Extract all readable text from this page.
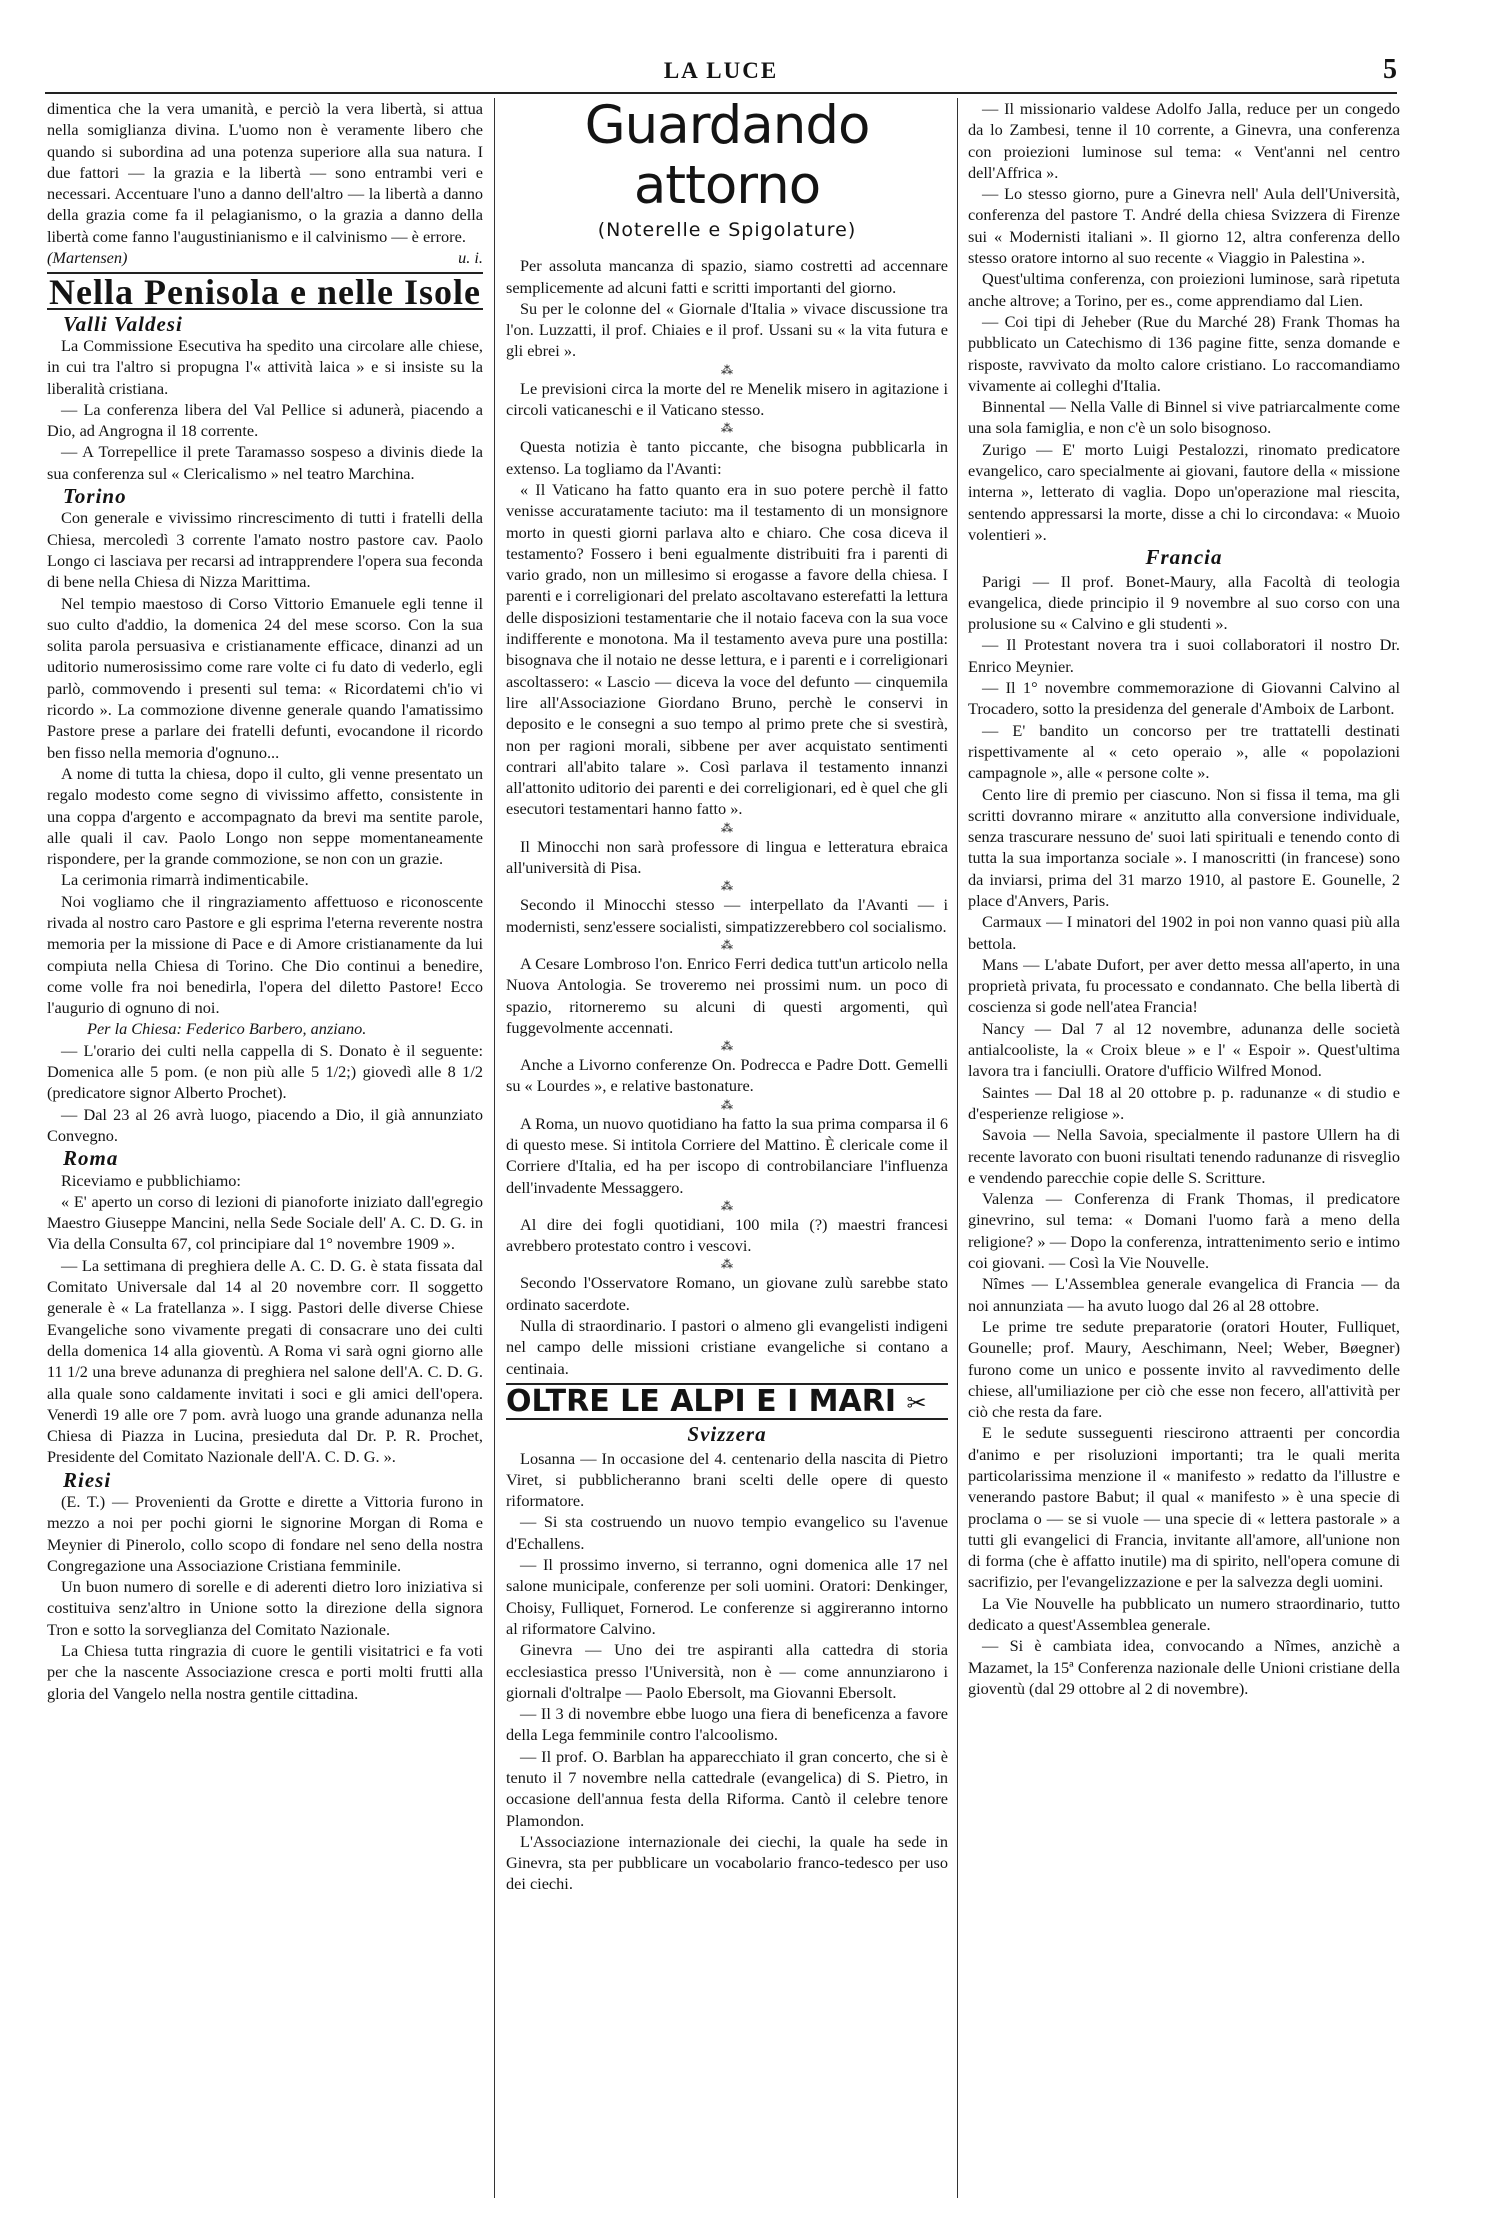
LA LUCE	5

dimentica che la vera umanità, e perciò la vera libertà, si attua nella somiglianza divina. L'uomo non è veramente libero che quando si subordina ad una potenza superiore alla sua natura. I due fattori — la grazia e la libertà — sono entrambi veri e necessari. Accentuare l'uno a danno dell'altro — la libertà a danno della grazia come fa il pelagianismo, o la grazia a danno della libertà come fanno l'augustinianismo e il calvinismo — è errore.

(Martensen)	u. i.
Nella Penisola e nelle Isole
Valli Valdesi

La Commissione Esecutiva ha spedito una circolare alle chiese, in cui tra l'altro si propugna l'« attività laica » e si insiste su la liberalità cristiana.

— La conferenza libera del Val Pellice si adunerà, piacendo a Dio, ad Angrogna il 18 corrente.

— A Torrepellice il prete Taramasso sospeso a divinis diede la sua conferenza sul « Clericalismo » nel teatro Marchina.

Torino

Con generale e vivissimo rincrescimento di tutti i fratelli della Chiesa, mercoledì 3 corrente l'amato nostro pastore cav. Paolo Longo ci lasciava per recarsi ad intrapprendere l'opera sua feconda di bene nella Chiesa di Nizza Marittima.

Nel tempio maestoso di Corso Vittorio Emanuele egli tenne il suo culto d'addio, la domenica 24 del mese scorso. Con la sua solita parola persuasiva e cristianamente efficace, dinanzi ad un uditorio numerosissimo come rare volte ci fu dato di vederlo, egli parlò, commovendo i presenti sul tema: « Ricordatemi ch'io vi ricordo ». La commozione divenne generale quando l'amatissimo Pastore prese a parlare dei fratelli defunti, evocandone il ricordo ben fisso nella memoria d'ognuno...

A nome di tutta la chiesa, dopo il culto, gli venne presentato un regalo modesto come segno di vivissimo affetto, consistente in una coppa d'argento e accompagnato da brevi ma sentite parole, alle quali il cav. Paolo Longo non seppe momentaneamente rispondere, per la grande commozione, se non con un grazie.

La cerimonia rimarrà indimenticabile.

Noi vogliamo che il ringraziamento affettuoso e riconoscente rivada al nostro caro Pastore e gli esprima l'eterna reverente nostra memoria per la missione di Pace e di Amore cristianamente da lui compiuta nella Chiesa di Torino. Che Dio continui a benedire, come volle fra noi benedirla, l'opera del diletto Pastore! Ecco l'augurio di ognuno di noi.

Per la Chiesa: Federico Barbero, anziano.

— L'orario dei culti nella cappella di S. Donato è il seguente: Domenica alle 5 pom. (e non più alle 5 1/2;) giovedì alle 8 1/2 (predicatore signor Alberto Prochet).

— Dal 23 al 26 avrà luogo, piacendo a Dio, il già annunziato Convegno.

Roma

Riceviamo e pubblichiamo:

« E' aperto un corso di lezioni di pianoforte iniziato dall'egregio Maestro Giuseppe Mancini, nella Sede Sociale dell' A. C. D. G. in Via della Consulta 67, col principiare dal 1° novembre 1909 ».

— La settimana di preghiera delle A. C. D. G. è stata fissata dal Comitato Universale dal 14 al 20 novembre corr. Il soggetto generale è « La fratellanza ». I sigg. Pastori delle diverse Chiese Evangeliche sono vivamente pregati di consacrare uno dei culti della domenica 14 alla gioventù. A Roma vi sarà ogni giorno alle 11 1/2 una breve adunanza di preghiera nel salone dell'A. C. D. G. alla quale sono caldamente invitati i soci e gli amici dell'opera. Venerdì 19 alle ore 7 pom. avrà luogo una grande adunanza nella Chiesa di Piazza in Lucina, presieduta dal Dr. P. R. Prochet, Presidente del Comitato Nazionale dell'A. C. D. G. ».

Riesi

(E. T.) — Provenienti da Grotte e dirette a Vittoria furono in mezzo a noi per pochi giorni le signorine Morgan di Roma e Meynier di Pinerolo, collo scopo di fondare nel seno della nostra Congregazione una Associazione Cristiana femminile.

Un buon numero di sorelle e di aderenti dietro loro iniziativa si costituiva senz'altro in Unione sotto la direzione della signora Tron e sotto la sorveglianza del Comitato Nazionale.

La Chiesa tutta ringrazia di cuore le gentili visitatrici e fa voti per che la nascente Associazione cresca e porti molti frutti alla gloria del Vangelo nella nostra gentile cittadina.

Guardando attorno
(Noterelle e Spigolature)

Per assoluta mancanza di spazio, siamo costretti ad accennare semplicemente ad alcuni fatti e scritti importanti del giorno.

Su per le colonne del « Giornale d'Italia » vivace discussione tra l'on. Luzzatti, il prof. Chiaies e il prof. Ussani su « la vita futura e gli ebrei ».

⁂

Le previsioni circa la morte del re Menelik misero in agitazione i circoli vaticaneschi e il Vaticano stesso.

⁂

Questa notizia è tanto piccante, che bisogna pubblicarla in extenso. La togliamo da l'Avanti:

« Il Vaticano ha fatto quanto era in suo potere perchè il fatto venisse accuratamente taciuto: ma il testamento di un monsignore morto in questi giorni parlava alto e chiaro. Che cosa diceva il testamento? Fossero i beni egualmente distribuiti fra i parenti di vario grado, non un millesimo si erogasse a favore della chiesa. I parenti e i correligionari del prelato ascoltavano esterefatti la lettura delle disposizioni testamentarie che il notaio faceva con la sua voce indifferente e monotona. Ma il testamento aveva pure una postilla: bisognava che il notaio ne desse lettura, e i parenti e i correligionari ascoltassero: « Lascio — diceva la voce del defunto — cinquemila lire all'Associazione Giordano Bruno, perchè le conservi in deposito e le consegni a suo tempo al primo prete che si svestirà, non per ragioni morali, sibbene per aver acquistato sentimenti contrari all'abito talare ». Così parlava il testamento innanzi all'attonito uditorio dei parenti e dei correligionari, ed è quel che gli esecutori testamentari hanno fatto ».

⁂

Il Minocchi non sarà professore di lingua e letteratura ebraica all'università di Pisa.

⁂

Secondo il Minocchi stesso — interpellato da l'Avanti — i modernisti, senz'essere socialisti, simpatizzerebbero col socialismo.

⁂

A Cesare Lombroso l'on. Enrico Ferri dedica tutt'un articolo nella Nuova Antologia. Se troveremo nei prossimi num. un poco di spazio, ritorneremo su alcuni di questi argomenti, quì fuggevolmente accennati.

⁂

Anche a Livorno conferenze On. Podrecca e Padre Dott. Gemelli su « Lourdes », e relative bastonature.

⁂

A Roma, un nuovo quotidiano ha fatto la sua prima comparsa il 6 di questo mese. Si intitola Corriere del Mattino. È clericale come il Corriere d'Italia, ed ha per iscopo di controbilanciare l'influenza dell'invadente Messaggero.

⁂

Al dire dei fogli quotidiani, 100 mila (?) maestri francesi avrebbero protestato contro i vescovi.

⁂

Secondo l'Osservatore Romano, un giovane zulù sarebbe stato ordinato sacerdote.

Nulla di straordinario. I pastori o almeno gli evangelisti indigeni nel campo delle missioni cristiane evangeliche si contano a centinaia.

OLTRE LE ALPI E I MARI ✂
Svizzera

Losanna — In occasione del 4. centenario della nascita di Pietro Viret, si pubblicheranno brani scelti delle opere di questo riformatore.

— Si sta costruendo un nuovo tempio evangelico su l'avenue d'Echallens.

— Il prossimo inverno, si terranno, ogni domenica alle 17 nel salone municipale, conferenze per soli uomini. Oratori: Denkinger, Choisy, Fulliquet, Fornerod. Le conferenze si aggireranno intorno al riformatore Calvino.

Ginevra — Uno dei tre aspiranti alla cattedra di storia ecclesiastica presso l'Università, non è — come annunziarono i giornali d'oltralpe — Paolo Ebersolt, ma Giovanni Ebersolt.

— Il 3 di novembre ebbe luogo una fiera di beneficenza a favore della Lega femminile contro l'alcoolismo.

— Il prof. O. Barblan ha apparecchiato il gran concerto, che si è tenuto il 7 novembre nella cattedrale (evangelica) di S. Pietro, in occasione dell'annua festa della Riforma. Cantò il celebre tenore Plamondon.

L'Associazione internazionale dei ciechi, la quale ha sede in Ginevra, sta per pubblicare un vocabolario franco-tedesco per uso dei ciechi.

— Il missionario valdese Adolfo Jalla, reduce per un congedo da lo Zambesi, tenne il 10 corrente, a Ginevra, una conferenza con proiezioni luminose sul tema: « Vent'anni nel centro dell'Affrica ».

— Lo stesso giorno, pure a Ginevra nell' Aula dell'Università, conferenza del pastore T. André della chiesa Svizzera di Firenze sui « Modernisti italiani ». Il giorno 12, altra conferenza dello stesso oratore intorno al suo recente « Viaggio in Palestina ».

Quest'ultima conferenza, con proiezioni luminose, sarà ripetuta anche altrove; a Torino, per es., come apprendiamo dal Lien.

— Coi tipi di Jeheber (Rue du Marché 28) Frank Thomas ha pubblicato un Catechismo di 136 pagine fitte, senza domande e risposte, ravvivato da molto calore cristiano. Lo raccomandiamo vivamente ai colleghi d'Italia.

Binnental — Nella Valle di Binnel si vive patriarcalmente come una sola famiglia, e non c'è un solo bisognoso.

Zurigo — E' morto Luigi Pestalozzi, rinomato predicatore evangelico, caro specialmente ai giovani, fautore della « missione interna », letterato di vaglia. Dopo un'operazione mal riescita, sentendo appressarsi la morte, disse a chi lo circondava: « Muoio volentieri ».

Francia

Parigi — Il prof. Bonet-Maury, alla Facoltà di teologia evangelica, diede principio il 9 novembre al suo corso con una prolusione su « Calvino e gli studenti ».

— Il Protestant novera tra i suoi collaboratori il nostro Dr. Enrico Meynier.

— Il 1° novembre commemorazione di Giovanni Calvino al Trocadero, sotto la presidenza del generale d'Amboix de Larbont.

— E' bandito un concorso per tre trattatelli destinati rispettivamente al « ceto operaio », alle « popolazioni campagnole », alle « persone colte ».

Cento lire di premio per ciascuno. Non si fissa il tema, ma gli scritti dovranno mirare « anzitutto alla conversione individuale, senza trascurare nessuno de' suoi lati spirituali e tenendo conto di tutta la sua importanza sociale ». I manoscritti (in francese) sono da inviarsi, prima del 31 marzo 1910, al pastore E. Gounelle, 2 place d'Anvers, Paris.

Carmaux — I minatori del 1902 in poi non vanno quasi più alla bettola.

Mans — L'abate Dufort, per aver detto messa all'aperto, in una proprietà privata, fu processato e condannato. Che bella libertà di coscienza si gode nell'atea Francia!

Nancy — Dal 7 al 12 novembre, adunanza delle società antialcooliste, la « Croix bleue » e l' « Espoir ». Quest'ultima lavora tra i fanciulli. Oratore d'ufficio Wilfred Monod.

Saintes — Dal 18 al 20 ottobre p. p. radunanze « di studio e d'esperienze religiose ».

Savoia — Nella Savoia, specialmente il pastore Ullern ha di recente lavorato con buoni risultati tenendo radunanze di risveglio e vendendo parecchie copie delle S. Scritture.

Valenza — Conferenza di Frank Thomas, il predicatore ginevrino, sul tema: « Domani l'uomo farà a meno della religione? » — Dopo la conferenza, intrattenimento serio e intimo coi giovani. — Così la Vie Nouvelle.

Nîmes — L'Assemblea generale evangelica di Francia — da noi annunziata — ha avuto luogo dal 26 al 28 ottobre.

Le prime tre sedute preparatorie (oratori Houter, Fulliquet, Gounelle; prof. Maury, Aeschimann, Neel; Weber, Bøegner) furono come un unico e possente invito al ravvedimento delle chiese, all'umiliazione per ciò che esse non fecero, all'attività per ciò che resta da fare.

E le sedute susseguenti riescirono attraenti per concordia d'animo e per risoluzioni importanti; tra le quali merita particolarissima menzione il « manifesto » redatto da l'illustre e venerando pastore Babut; il qual « manifesto » è una specie di proclama o — se si vuole — una specie di « lettera pastorale » a tutti gli evangelici di Francia, invitante all'amore, all'unione non di forma (che è affatto inutile) ma di spirito, nell'opera comune di sacrifizio, per l'evangelizzazione e per la salvezza degli uomini.

La Vie Nouvelle ha pubblicato un numero straordinario, tutto dedicato a quest'Assemblea generale.

— Si è cambiata idea, convocando a Nîmes, anzichè a Mazamet, la 15ª Conferenza nazionale delle Unioni cristiane della gioventù (dal 29 ottobre al 2 di novembre).
